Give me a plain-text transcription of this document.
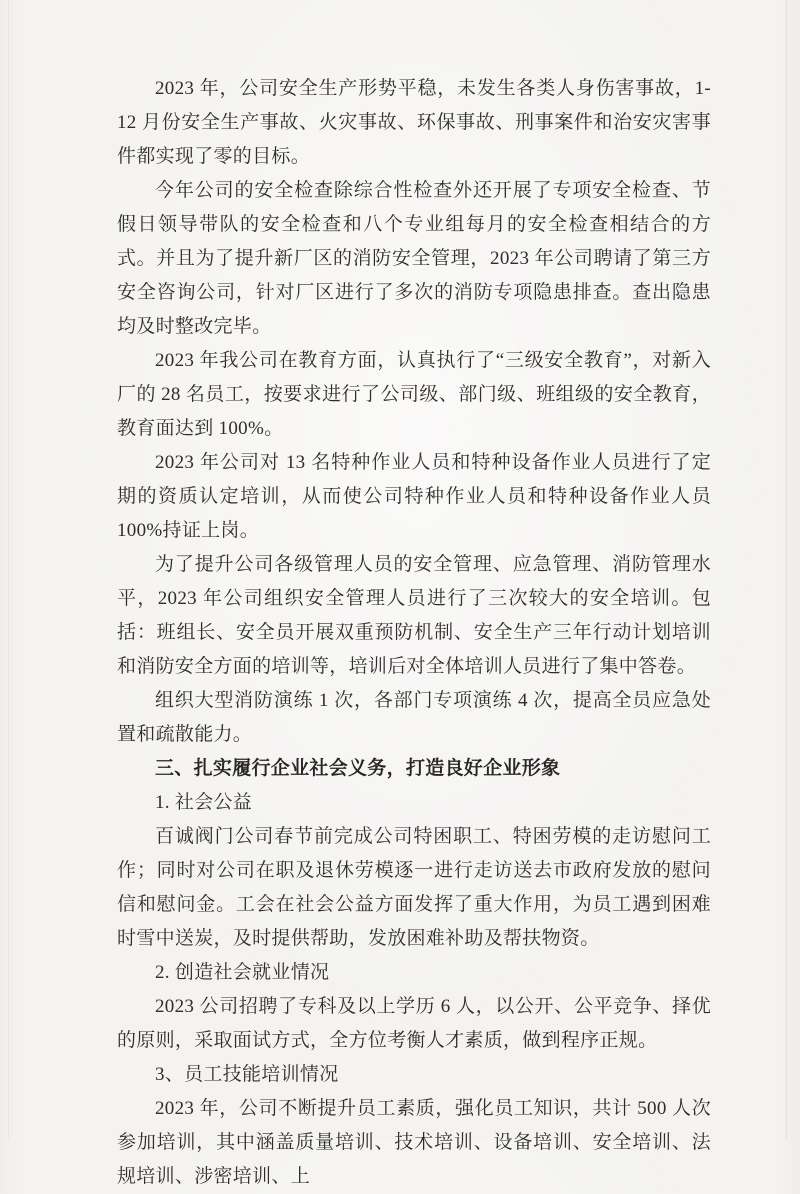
2023 年，公司安全生产形势平稳，未发生各类人身伤害事故，1-12 月份安全生产事故、火灾事故、环保事故、刑事案件和治安灾害事件都实现了零的目标。

今年公司的安全检查除综合性检查外还开展了专项安全检查、节假日领导带队的安全检查和八个专业组每月的安全检查相结合的方式。并且为了提升新厂区的消防安全管理，2023 年公司聘请了第三方安全咨询公司，针对厂区进行了多次的消防专项隐患排查。查出隐患均及时整改完毕。

2023 年我公司在教育方面，认真执行了“三级安全教育”，对新入厂的 28 名员工，按要求进行了公司级、部门级、班组级的安全教育，教育面达到 100%。

2023 年公司对 13 名特种作业人员和特种设备作业人员进行了定期的资质认定培训，从而使公司特种作业人员和特种设备作业人员 100%持证上岗。

为了提升公司各级管理人员的安全管理、应急管理、消防管理水平，2023 年公司组织安全管理人员进行了三次较大的安全培训。包括：班组长、安全员开展双重预防机制、安全生产三年行动计划培训和消防安全方面的培训等，培训后对全体培训人员进行了集中答卷。

组织大型消防演练 1 次，各部门专项演练 4 次，提高全员应急处置和疏散能力。

三、扎实履行企业社会义务，打造良好企业形象

1. 社会公益

百诚阀门公司春节前完成公司特困职工、特困劳模的走访慰问工作；同时对公司在职及退休劳模逐一进行走访送去市政府发放的慰问信和慰问金。工会在社会公益方面发挥了重大作用，为员工遇到困难时雪中送炭，及时提供帮助，发放困难补助及帮扶物资。

2. 创造社会就业情况

2023 公司招聘了专科及以上学历 6 人，以公开、公平竞争、择优的原则，采取面试方式，全方位考衡人才素质，做到程序正规。

3、员工技能培训情况

2023 年，公司不断提升员工素质，强化员工知识，共计 500 人次参加培训，其中涵盖质量培训、技术培训、设备培训、安全培训、法规培训、涉密培训、上
